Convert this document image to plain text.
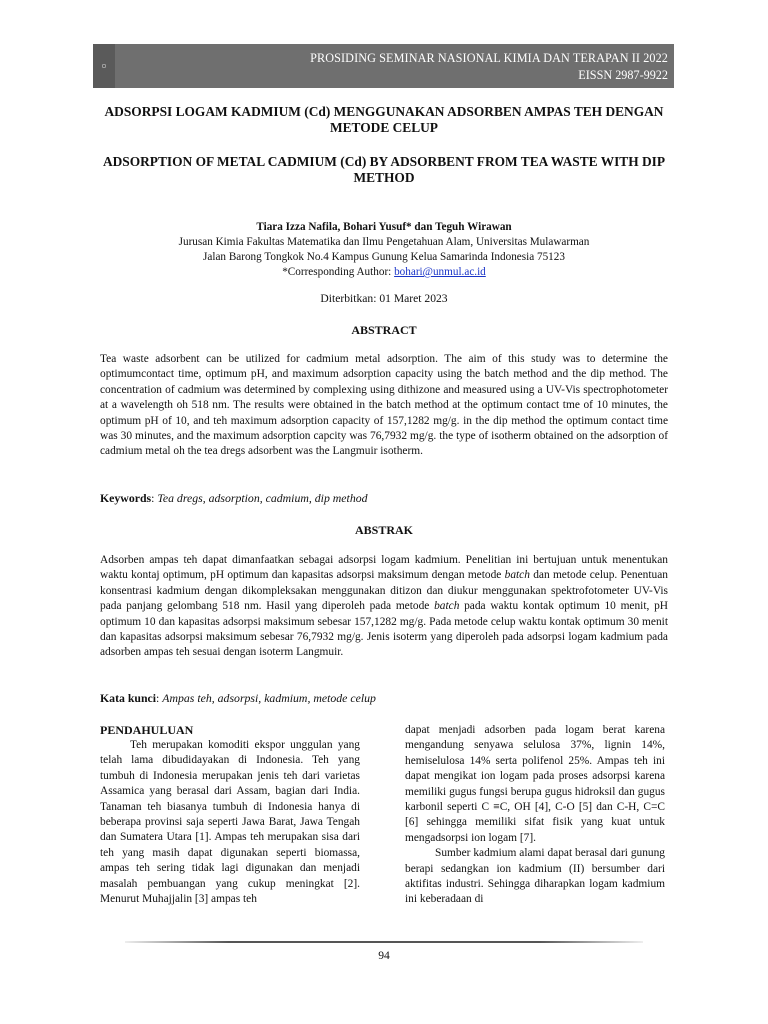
▫	PROSIDING SEMINAR NASIONAL KIMIA DAN TERAPAN II 2022
EISSN 2987-9922
ADSORPSI LOGAM KADMIUM (Cd) MENGGUNAKAN ADSORBEN AMPAS TEH DENGAN METODE CELUP
ADSORPTION OF METAL CADMIUM (Cd) BY ADSORBENT FROM TEA WASTE WITH DIP METHOD
Tiara Izza Nafila, Bohari Yusuf* dan Teguh Wirawan
Jurusan Kimia Fakultas Matematika dan Ilmu Pengetahuan Alam, Universitas Mulawarman
Jalan Barong Tongkok No.4 Kampus Gunung Kelua Samarinda Indonesia 75123
*Corresponding Author: bohari@unmul.ac.id
Diterbitkan: 01 Maret 2023
ABSTRACT
Tea waste adsorbent can be utilized for cadmium metal adsorption. The aim of this study was to determine the optimumcontact time, optimum pH, and maximum adsorption capacity using the batch method and the dip method. The concentration of cadmium was determined by complexing using dithizone and measured using a UV-Vis spectrophotometer at a wavelength oh 518 nm. The results were obtained in the batch method at the optimum contact tme of 10 minutes, the optimum pH of 10, and teh maximum adsorption capacity of 157,1282 mg/g. in the dip method the optimum contact time was 30 minutes, and the maximum adsorption capcity was 76,7932 mg/g. the type of isotherm obtained on the adsorption of cadmium metal oh the tea dregs adsorbent was the Langmuir isotherm.
Keywords: Tea dregs, adsorption, cadmium, dip method
ABSTRAK
Adsorben ampas teh dapat dimanfaatkan sebagai adsorpsi logam kadmium. Penelitian ini bertujuan untuk menentukan waktu kontaj optimum, pH optimum dan kapasitas adsorpsi maksimum dengan metode batch dan metode celup. Penentuan konsentrasi kadmium dengan dikompleksakan menggunakan ditizon dan diukur menggunakan spektrofotometer UV-Vis pada panjang gelombang 518 nm. Hasil yang diperoleh pada metode batch pada waktu kontak optimum 10 menit, pH optimum 10 dan kapasitas adsorpsi maksimum sebesar 157,1282 mg/g. Pada metode celup waktu kontak optimum 30 menit dan kapasitas adsorpsi maksimum sebesar 76,7932 mg/g. Jenis isoterm yang diperoleh pada adsorpsi logam kadmium pada adsorben ampas teh sesuai dengan isoterm Langmuir.
Kata kunci: Ampas teh, adsorpsi, kadmium, metode celup
PENDAHULUAN

Teh merupakan komoditi ekspor unggulan yang telah lama dibudidayakan di Indonesia. Teh yang tumbuh di Indonesia merupakan jenis teh dari varietas Assamica yang berasal dari Assam, bagian dari India. Tanaman teh biasanya tumbuh di Indonesia hanya di beberapa provinsi saja seperti Jawa Barat, Jawa Tengah dan Sumatera Utara [1]. Ampas teh merupakan sisa dari teh yang masih dapat digunakan seperti biomassa, ampas teh sering tidak lagi digunakan dan menjadi masalah pembuangan yang cukup meningkat [2]. Menurut Muhajjalin [3] ampas teh

dapat menjadi adsorben pada logam berat karena mengandung senyawa selulosa 37%, lignin 14%, hemiselulosa 14% serta polifenol 25%. Ampas teh ini dapat mengikat ion logam pada proses adsorpsi karena memiliki gugus fungsi berupa gugus hidroksil dan gugus karbonil seperti C ≡C, OH [4], C-O [5] dan C-H, C=C [6] sehingga memiliki sifat fisik yang kuat untuk mengadsorpsi ion logam [7].

Sumber kadmium alami dapat berasal dari gunung berapi sedangkan ion kadmium (II) bersumber dari aktifitas industri. Sehingga diharapkan logam kadmium ini keberadaan di

94
